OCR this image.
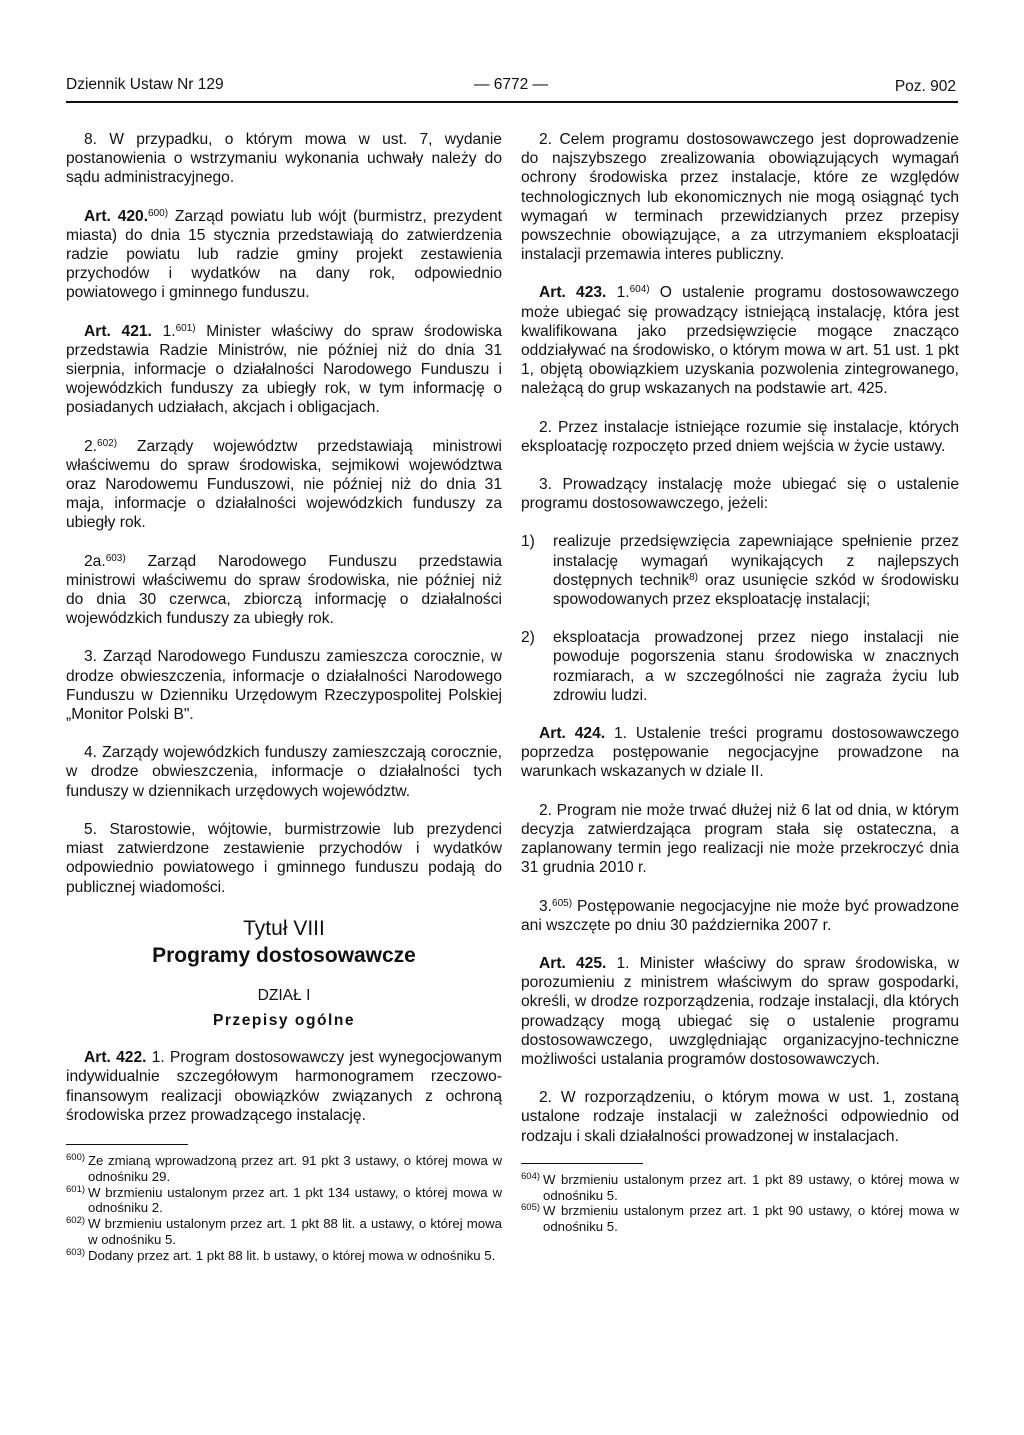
Dziennik Ustaw Nr 129	— 6772 —	Poz. 902

8. W przypadku, o którym mowa w ust. 7, wydanie postanowienia o wstrzymaniu wykonania uchwały należy do sądu administracyjnego.

Art. 420.$^{600)}$ Zarząd powiatu lub wójt (burmistrz, prezydent miasta) do dnia 15 stycznia przedstawiają do zatwierdzenia radzie powiatu lub radzie gminy projekt zestawienia przychodów i wydatków na dany rok, odpowiednio powiatowego i gminnego funduszu.

Art. 421. 1.$^{601)}$ Minister właściwy do spraw środowiska przedstawia Radzie Ministrów, nie później niż do dnia 31 sierpnia, informacje o działalności Narodowego Funduszu i wojewódzkich funduszy za ubiegły rok, w tym informację o posiadanych udziałach, akcjach i obligacjach.

2.$^{602)}$ Zarządy województw przedstawiają ministrowi właściwemu do spraw środowiska, sejmikowi województwa oraz Narodowemu Funduszowi, nie później niż do dnia 31 maja, informacje o działalności wojewódzkich funduszy za ubiegły rok.

2a.$^{603)}$ Zarząd Narodowego Funduszu przedstawia ministrowi właściwemu do spraw środowiska, nie później niż do dnia 30 czerwca, zbiorczą informację o działalności wojewódzkich funduszy za ubiegły rok.

3. Zarząd Narodowego Funduszu zamieszcza corocznie, w drodze obwieszczenia, informacje o działalności Narodowego Funduszu w Dzienniku Urzędowym Rzeczypospolitej Polskiej „Monitor Polski B".

4. Zarządy wojewódzkich funduszy zamieszczają corocznie, w drodze obwieszczenia, informacje o działalności tych funduszy w dziennikach urzędowych województw.

5. Starostowie, wójtowie, burmistrzowie lub prezydenci miast zatwierdzone zestawienie przychodów i wydatków odpowiednio powiatowego i gminnego funduszu podają do publicznej wiadomości.

Tytuł VIII
Programy dostosowawcze
DZIAŁ I
Przepisy ogólne

Art. 422. 1. Program dostosowawczy jest wynegocjowanym indywidualnie szczegółowym harmonogramem rzeczowo-finansowym realizacji obowiązków związanych z ochroną środowiska przez prowadzącego instalację.

600) Ze zmianą wprowadzoną przez art. 91 pkt 3 ustawy, o której mowa w odnośniku 29.
601) W brzmieniu ustalonym przez art. 1 pkt 134 ustawy, o której mowa w odnośniku 2.
602) W brzmieniu ustalonym przez art. 1 pkt 88 lit. a ustawy, o której mowa w odnośniku 5.
603) Dodany przez art. 1 pkt 88 lit. b ustawy, o której mowa w odnośniku 5.

2. Celem programu dostosowawczego jest doprowadzenie do najszybszego zrealizowania obowiązujących wymagań ochrony środowiska przez instalacje, które ze względów technologicznych lub ekonomicznych nie mogą osiągnąć tych wymagań w terminach przewidzianych przez przepisy powszechnie obowiązujące, a za utrzymaniem eksploatacji instalacji przemawia interes publiczny.

Art. 423. 1.$^{604)}$ O ustalenie programu dostosowawczego może ubiegać się prowadzący istniejącą instalację, która jest kwalifikowana jako przedsięwzięcie mogące znacząco oddziaływać na środowisko, o którym mowa w art. 51 ust. 1 pkt 1, objętą obowiązkiem uzyskania pozwolenia zintegrowanego, należącą do grup wskazanych na podstawie art. 425.

2. Przez instalacje istniejące rozumie się instalacje, których eksploatację rozpoczęto przed dniem wejścia w życie ustawy.

3. Prowadzący instalację może ubiegać się o ustalenie programu dostosowawczego, jeżeli:

1) realizuje przedsięwzięcia zapewniające spełnienie przez instalację wymagań wynikających z najlepszych dostępnych technik$^{8)}$ oraz usunięcie szkód w środowisku spowodowanych przez eksploatację instalacji;
2) eksploatacja prowadzonej przez niego instalacji nie powoduje pogorszenia stanu środowiska w znacznych rozmiarach, a w szczególności nie zagraża życiu lub zdrowiu ludzi.

Art. 424. 1. Ustalenie treści programu dostosowawczego poprzedza postępowanie negocjacyjne prowadzone na warunkach wskazanych w dziale II.

2. Program nie może trwać dłużej niż 6 lat od dnia, w którym decyzja zatwierdzająca program stała się ostateczna, a zaplanowany termin jego realizacji nie może przekroczyć dnia 31 grudnia 2010 r.

3.$^{605)}$ Postępowanie negocjacyjne nie może być prowadzone ani wszczęte po dniu 30 października 2007 r.

Art. 425. 1. Minister właściwy do spraw środowiska, w porozumieniu z ministrem właściwym do spraw gospodarki, określi, w drodze rozporządzenia, rodzaje instalacji, dla których prowadzący mogą ubiegać się o ustalenie programu dostosowawczego, uwzględniając organizacyjno-techniczne możliwości ustalania programów dostosowawczych.

2. W rozporządzeniu, o którym mowa w ust. 1, zostaną ustalone rodzaje instalacji w zależności odpowiednio od rodzaju i skali działalności prowadzonej w instalacjach.

604) W brzmieniu ustalonym przez art. 1 pkt 89 ustawy, o której mowa w odnośniku 5.
605) W brzmieniu ustalonym przez art. 1 pkt 90 ustawy, o której mowa w odnośniku 5.
